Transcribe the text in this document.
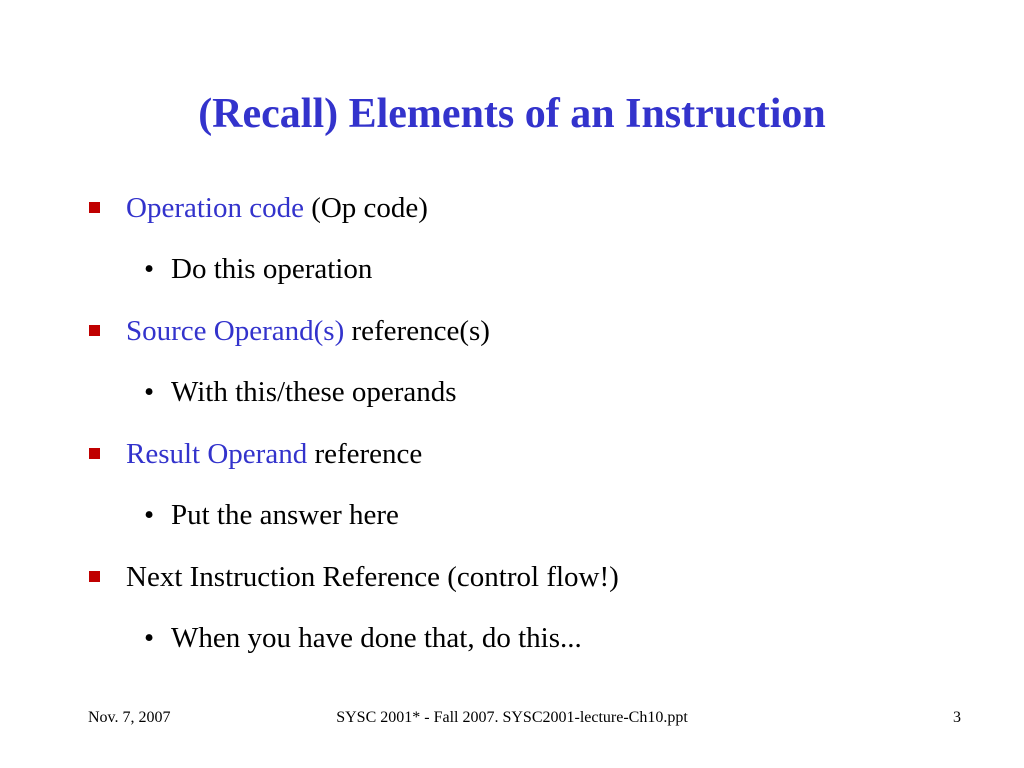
(Recall) Elements of an Instruction
Operation code (Op code)
• Do this operation
Source Operand(s) reference(s)
• With this/these operands
Result Operand reference
• Put the answer here
Next Instruction Reference (control flow!)
• When you have done that, do this...
Nov. 7, 2007	SYSC 2001* - Fall 2007. SYSC2001-lecture-Ch10.ppt	3
